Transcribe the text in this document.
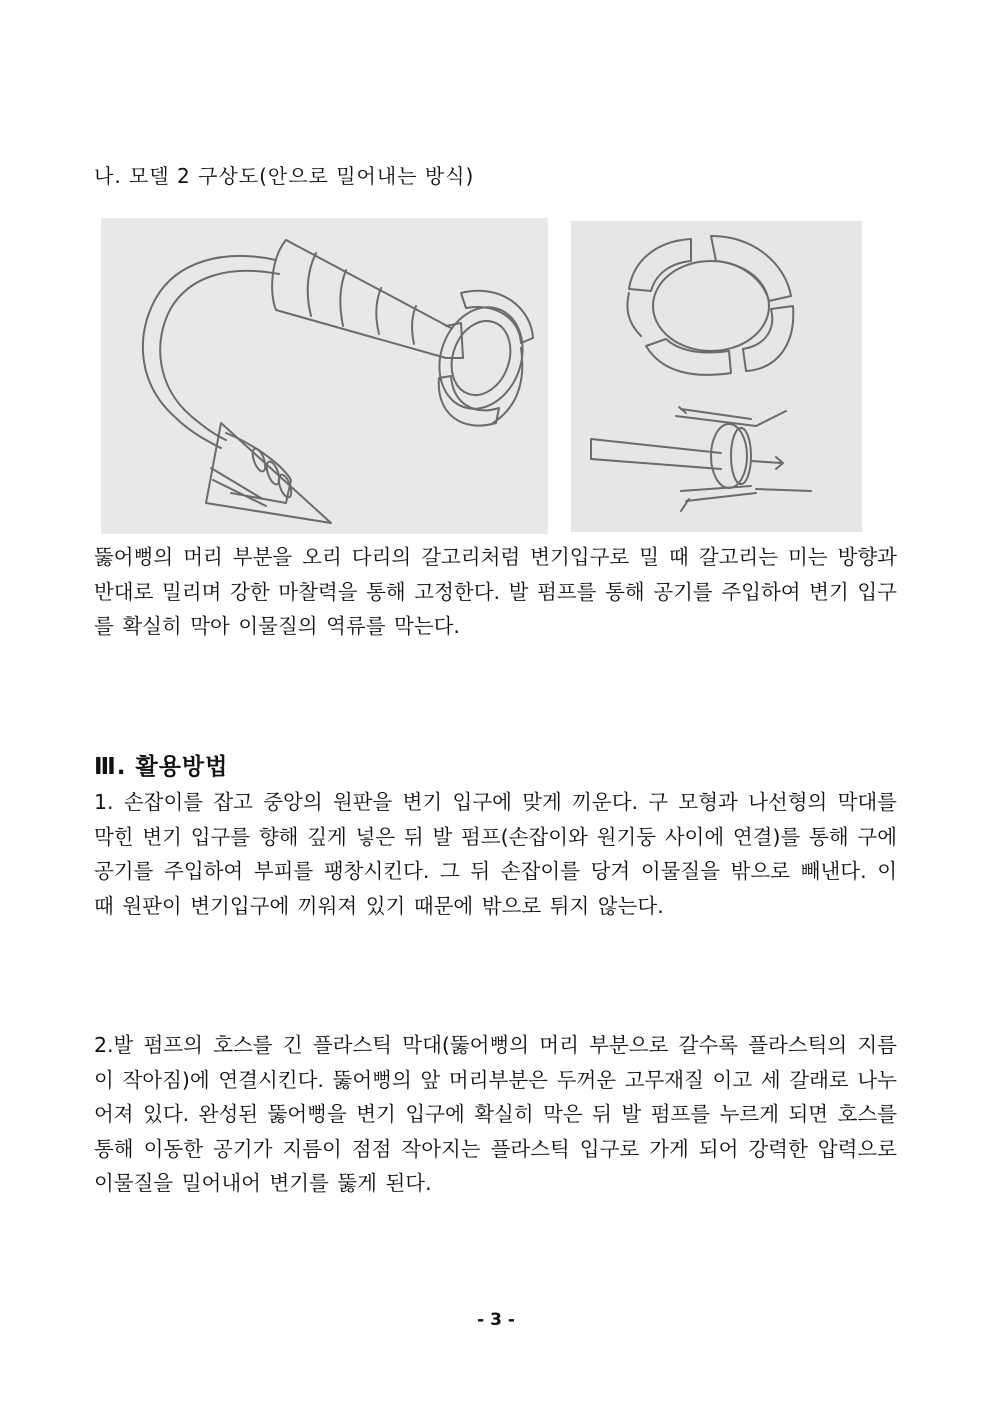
나. 모델 2 구상도(안으로 밀어내는 방식)

뚫어뻥의 머리 부분을 오리 다리의 갈고리처럼 변기입구로 밀 때 갈고리는 미는 방향과 반대로 밀리며 강한 마찰력을 통해 고정한다. 발 펌프를 통해 공기를 주입하여 변기 입구를 확실히 막아 이물질의 역류를 막는다.

Ⅲ. 활용방법

1. 손잡이를 잡고 중앙의 원판을 변기 입구에 맞게 끼운다. 구 모형과 나선형의 막대를 막힌 변기 입구를 향해 깊게 넣은 뒤 발 펌프(손잡이와 원기둥 사이에 연결)를 통해 구에 공기를 주입하여 부피를 팽창시킨다. 그 뒤 손잡이를 당겨 이물질을 밖으로 빼낸다. 이 때 원판이 변기입구에 끼워져 있기 때문에 밖으로 튀지 않는다.

2.발 펌프의 호스를 긴 플라스틱 막대(뚫어뻥의 머리 부분으로 갈수록 플라스틱의 지름이 작아짐)에 연결시킨다. 뚫어뻥의 앞 머리부분은 두꺼운 고무재질 이고 세 갈래로 나누어져 있다. 완성된 뚫어뻥을 변기 입구에 확실히 막은 뒤 발 펌프를 누르게 되면 호스를 통해 이동한 공기가 지름이 점점 작아지는 플라스틱 입구로 가게 되어 강력한 압력으로 이물질을 밀어내어 변기를 뚫게 된다.

- 3 -
